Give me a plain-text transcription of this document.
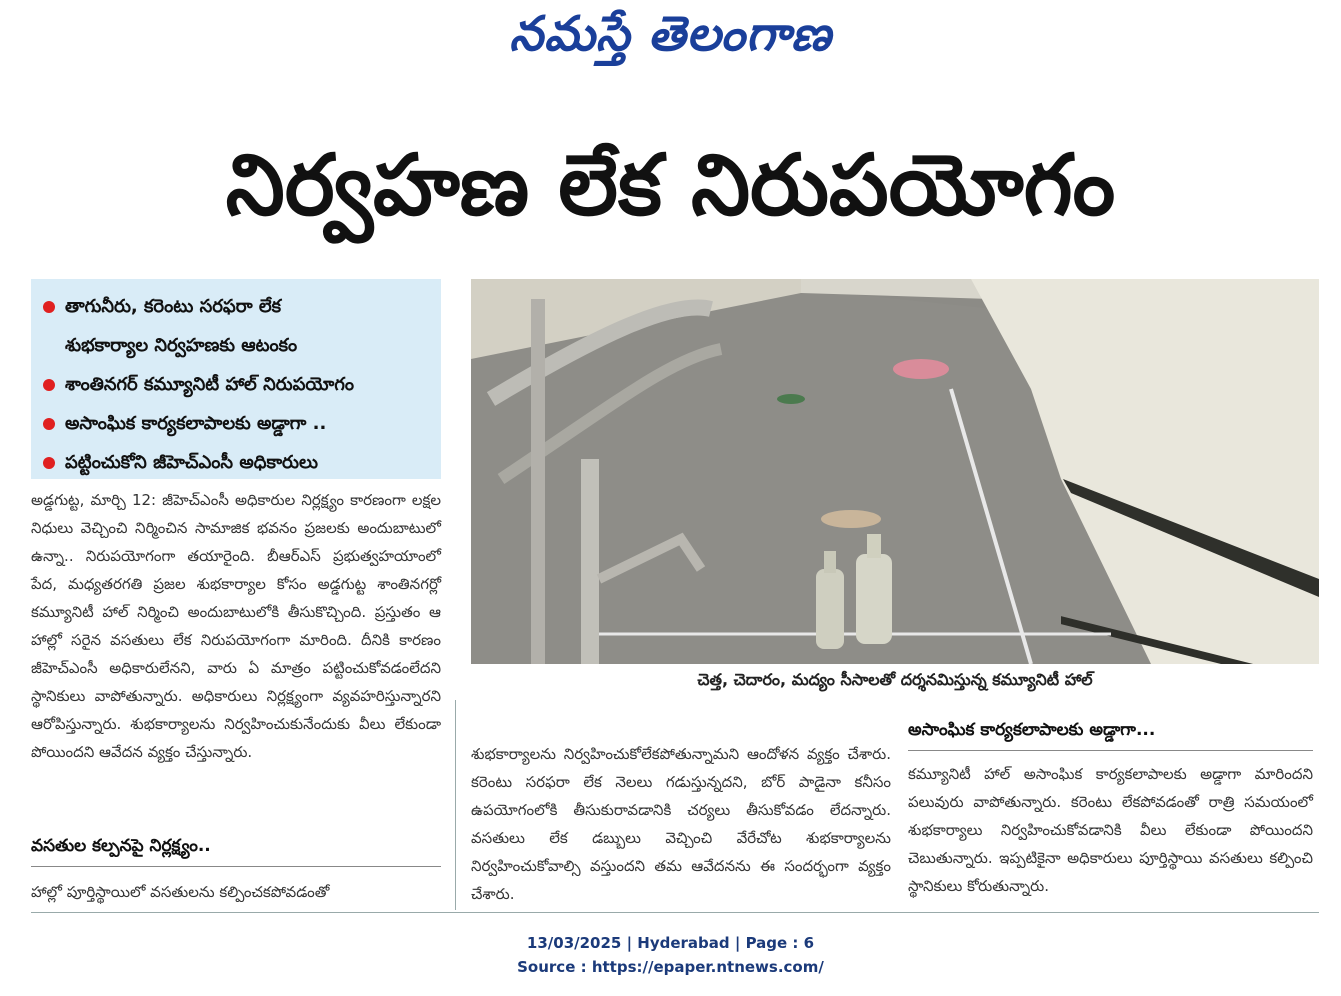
నమస్తే తెలంగాణ
నిర్వహణ లేక నిరుపయోగం
తాగునీరు, కరెంటు సరఫరా లేక
శుభకార్యాల నిర్వహణకు ఆటంకం
శాంతినగర్ కమ్యూనిటీ హాల్ నిరుపయోగం
అసాంఘిక కార్యకలాపాలకు అడ్డాగా ..
పట్టించుకోని జీహెచ్ఎంసీ అధికారులు
చెత్త, చెదారం, మద్యం సీసాలతో దర్శనమిస్తున్న కమ్యూనిటీ హాల్

అడ్డగుట్ట, మార్చి 12: జీహెచ్ఎంసీ అధికారుల నిర్లక్ష్యం కారణంగా లక్షల నిధులు వెచ్చించి నిర్మించిన సామాజిక భవనం ప్రజలకు అందుబాటులో ఉన్నా.. నిరుపయోగంగా తయారైంది. బీఆర్ఎస్ ప్రభుత్వహయాంలో పేద, మధ్యతరగతి ప్రజల శుభకార్యాల కోసం అడ్డగుట్ట శాంతినగర్లో కమ్యూనిటీ హాల్ నిర్మించి అందుబాటులోకి తీసుకొచ్చింది. ప్రస్తుతం ఆ హాల్లో సరైన వసతులు లేక నిరుపయోగంగా మారింది. దీనికి కారణం జీహెచ్ఎంసీ అధికారులేనని, వారు ఏ మాత్రం పట్టించుకోవడంలేదని స్థానికులు వాపోతున్నారు. అధికారులు నిర్లక్ష్యంగా వ్యవహరిస్తున్నారని ఆరోపిస్తున్నారు. శుభకార్యాలను నిర్వహించుకునేందుకు వీలు లేకుండా పోయిందని ఆవేదన వ్యక్తం చేస్తున్నారు.

వసతుల కల్పనపై నిర్లక్ష్యం..

హాల్లో పూర్తిస్థాయిలో వసతులను కల్పించకపోవడంతో

శుభకార్యాలను నిర్వహించుకోలేకపోతున్నామని ఆందోళన వ్యక్తం చేశారు. కరెంటు సరఫరా లేక నెలలు గడుస్తున్నదని, బోర్ పాడైనా కనీసం ఉపయోగంలోకి తీసుకురావడానికి చర్యలు తీసుకోవడం లేదన్నారు. వసతులు లేక డబ్బులు వెచ్చించి వేరేచోట శుభకార్యాలను నిర్వహించుకోవాల్సి వస్తుందని తమ ఆవేదనను ఈ సందర్భంగా వ్యక్తం చేశారు.

అసాంఘిక కార్యకలాపాలకు అడ్డాగా...

కమ్యూనిటీ హాల్ అసాంఘిక కార్యకలాపాలకు అడ్డాగా మారిందని పలువురు వాపోతున్నారు. కరెంటు లేకపోవడంతో రాత్రి సమయంలో శుభకార్యాలు నిర్వహించుకోవడానికి వీలు లేకుండా పోయిందని చెబుతున్నారు. ఇప్పటికైనా అధికారులు పూర్తిస్థాయి వసతులు కల్పించి స్థానికులు కోరుతున్నారు.

13/03/2025 | Hyderabad | Page : 6
Source : https://epaper.ntnews.com/
